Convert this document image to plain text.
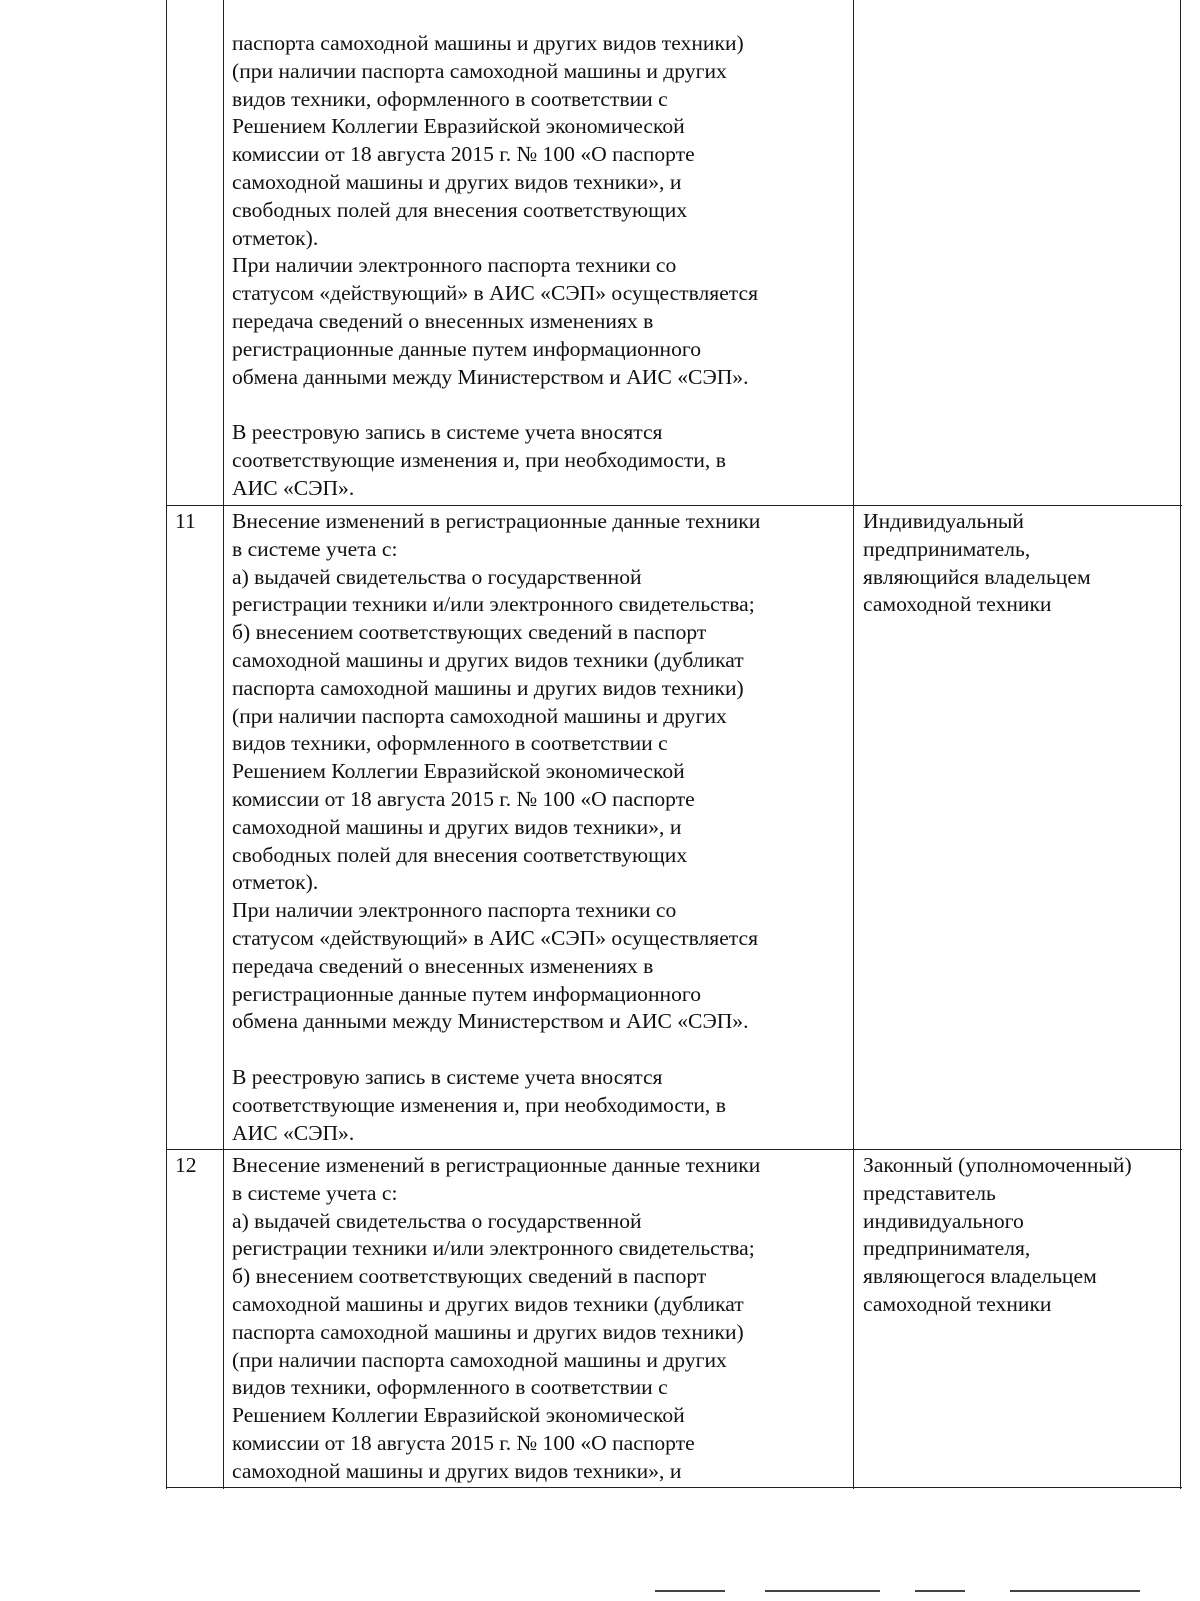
паспорта самоходной машины и других видов техники)
(при наличии паспорта самоходной машины и других
видов техники, оформленного в соответствии с
Решением Коллегии Евразийской экономической
комиссии от 18 августа 2015 г. № 100 «О паспорте
самоходной машины и других видов техники», и
свободных полей для внесения соответствующих
отметок).
При наличии электронного паспорта техники со
статусом «действующий» в АИС «СЭП» осуществляется
передача сведений о внесенных изменениях в
регистрационные данные путем информационного
обмена данными между Министерством и АИС «СЭП».
В реестровую запись в системе учета вносятся
соответствующие изменения и, при необходимости, в
АИС «СЭП».
11 Внесение изменений в регистрационные данные техники
в системе учета с:
а) выдачей свидетельства о государственной
регистрации техники и/или электронного свидетельства;
б) внесением соответствующих сведений в паспорт
самоходной машины и других видов техники (дубликат
паспорта самоходной машины и других видов техники)
(при наличии паспорта самоходной машины и других
видов техники, оформленного в соответствии с
Решением Коллегии Евразийской экономической
комиссии от 18 августа 2015 г. № 100 «О паспорте
самоходной машины и других видов техники», и
свободных полей для внесения соответствующих
отметок).
При наличии электронного паспорта техники со
статусом «действующий» в АИС «СЭП» осуществляется
передача сведений о внесенных изменениях в
регистрационные данные путем информационного
обмена данными между Министерством и АИС «СЭП».
В реестровую запись в системе учета вносятся
соответствующие изменения и, при необходимости, в
АИС «СЭП».
Индивидуальный
предприниматель,
являющийся владельцем
самоходной техники
12 Внесение изменений в регистрационные данные техники
в системе учета с:
а) выдачей свидетельства о государственной
регистрации техники и/или электронного свидетельства;
б) внесением соответствующих сведений в паспорт
самоходной машины и других видов техники (дубликат
паспорта самоходной машины и других видов техники)
(при наличии паспорта самоходной машины и других
видов техники, оформленного в соответствии с
Решением Коллегии Евразийской экономической
комиссии от 18 августа 2015 г. № 100 «О паспорте
самоходной машины и других видов техники», и
Законный (уполномоченный)
представитель
индивидуального
предпринимателя,
являющегося владельцем
самоходной техники
